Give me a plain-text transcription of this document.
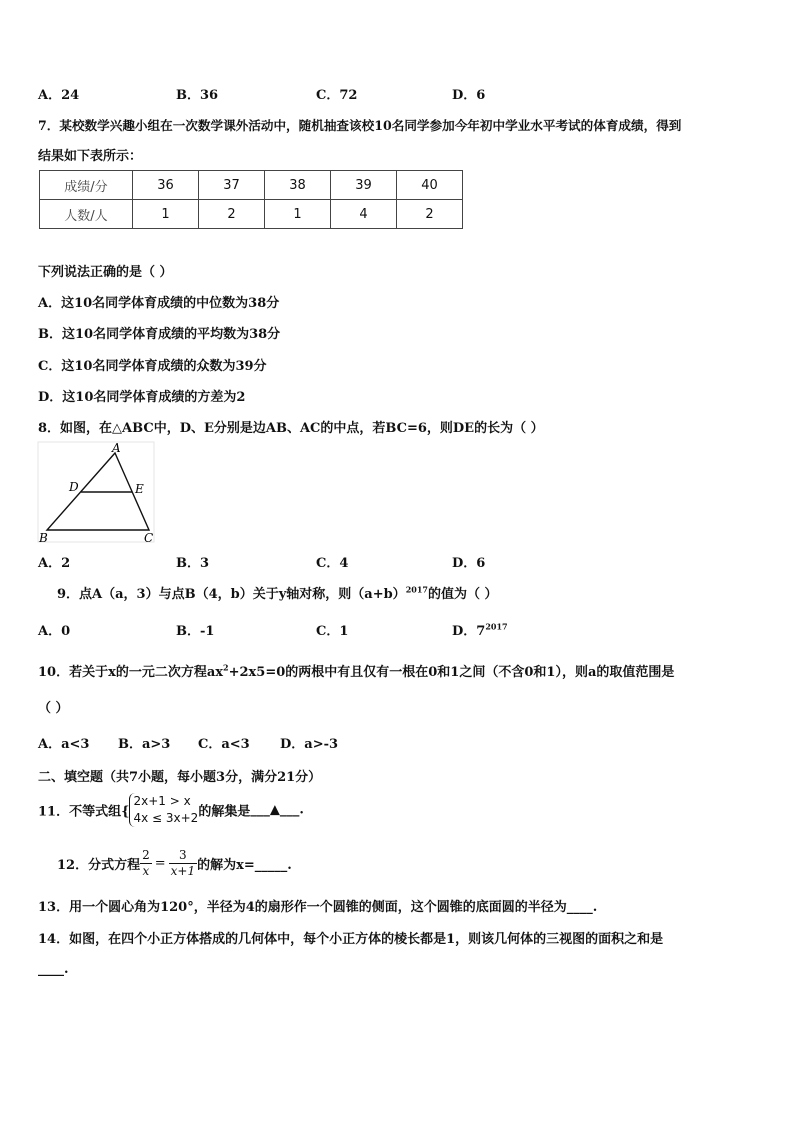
A．24	B．36	C．72	D．6
7．某校数学兴趣小组在一次数学课外活动中，随机抽查该校10名同学参加今年初中学业水平考试的体育成绩，得到
结果如下表所示：
成绩/分	36	37	38	39	40
人数/人	1	2	1	4	2
下列说法正确的是（ ）
A．这10名同学体育成绩的中位数为38分
B．这10名同学体育成绩的平均数为38分
C．这10名同学体育成绩的众数为39分
D．这10名同学体育成绩的方差为2
8．如图，在△ABC中，D、E分别是边AB、AC的中点，若BC=6，则DE的长为（ ）
A
D	E
B	C
A．2	B．3	C．4	D．6
9．点A（a，3）与点B（4，b）关于y轴对称，则$(a+b)^{2017}$的值为（ ）
A．0	B．-1	C．1	D．$7^{2017}$
10．若关于x的一元二次方程$ax^2+2x5=0$的两根中有且仅有一根在0和1之间（不含0和1），则a的取值范围是
（ ）
A．a<3 B．a>3 C．a<3 D．a>-3
二、填空题（共7小题，每小题3分，满分21分）
11．不等式组{
2x+1 > x
4x ≤ 3x+2 的解集是___▲___.
12．分式方程 $\frac{2}{x} = \frac{3}{x+1}$ 的解为x=_____.
13．用一个圆心角为120°，半径为4的扇形作一个圆锥的侧面，这个圆锥的底面圆的半径为____.
14．如图，在四个小正方体搭成的几何体中，每个小正方体的棱长都是1，则该几何体的三视图的面积之和是
____.
